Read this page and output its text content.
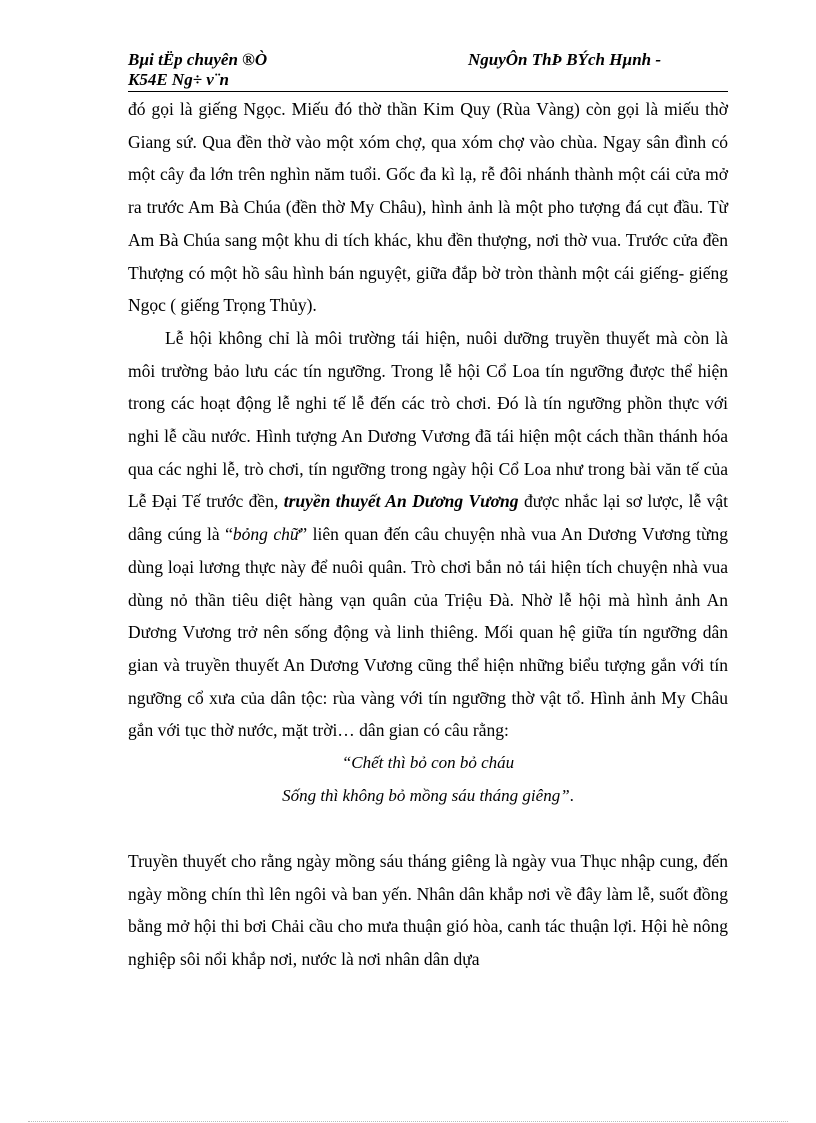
Bµi tËp chuyên ®Ò	NguyÔn ThÞ BÝch Hµnh -
K54E Ng÷ v¨n

đó gọi là giếng Ngọc. Miếu đó thờ thần Kim Quy (Rùa Vàng) còn gọi là miếu thờ Giang sứ. Qua đền thờ vào một xóm chợ, qua xóm chợ vào chùa. Ngay sân đình có một cây đa lớn trên nghìn năm tuổi. Gốc đa kì lạ, rễ đôi nhánh thành một cái cửa mở ra trước Am Bà Chúa (đền thờ My Châu), hình ảnh là một pho tượng đá cụt đầu. Từ Am Bà Chúa sang một khu di tích khác, khu đền thượng, nơi thờ vua. Trước cửa đền Thượng có một hồ sâu hình bán nguyệt, giữa đắp bờ tròn thành một cái giếng- giếng Ngọc ( giếng Trọng Thủy).

Lễ hội không chỉ là môi trường tái hiện, nuôi dưỡng truyền thuyết mà còn là môi trường bảo lưu các tín ngưỡng. Trong lễ hội Cổ Loa tín ngưỡng được thể hiện trong các hoạt động lễ nghi tế lễ đến các trò chơi. Đó là tín ngưỡng phồn thực với nghi lễ cầu nước. Hình tượng An Dương Vương đã tái hiện một cách thần thánh hóa qua các nghi lễ, trò chơi, tín ngưỡng trong ngày hội Cổ Loa như trong bài văn tế của Lễ Đại Tế trước đền, truyền thuyết An Dương Vương được nhắc lại sơ lược, lễ vật dâng cúng là “bỏng chữ” liên quan đến câu chuyện nhà vua An Dương Vương từng dùng loại lương thực này để nuôi quân. Trò chơi bắn nỏ tái hiện tích chuyện nhà vua dùng nỏ thần tiêu diệt hàng vạn quân của Triệu Đà. Nhờ lễ hội mà hình ảnh An Dương Vương trở nên sống động và linh thiêng. Mối quan hệ giữa tín ngưỡng dân gian và truyền thuyết An Dương Vương cũng thể hiện những biểu tượng gắn với tín ngưỡng cổ xưa của dân tộc: rùa vàng với tín ngưỡng thờ vật tổ. Hình ảnh My Châu gắn với tục thờ nước, mặt trời… dân gian có câu rằng:

“Chết thì bỏ con bỏ cháu
Sống thì không bỏ mồng sáu tháng giêng”.

Truyền thuyết cho rằng ngày mồng sáu tháng giêng là ngày vua Thục nhập cung, đến ngày mồng chín thì lên ngôi và ban yến. Nhân dân khắp nơi về đây làm lễ, suốt đồng bằng mở hội thi bơi Chải cầu cho mưa thuận gió hòa, canh tác thuận lợi. Hội hè nông nghiệp sôi nổi khắp nơi, nước là nơi nhân dân dựa
